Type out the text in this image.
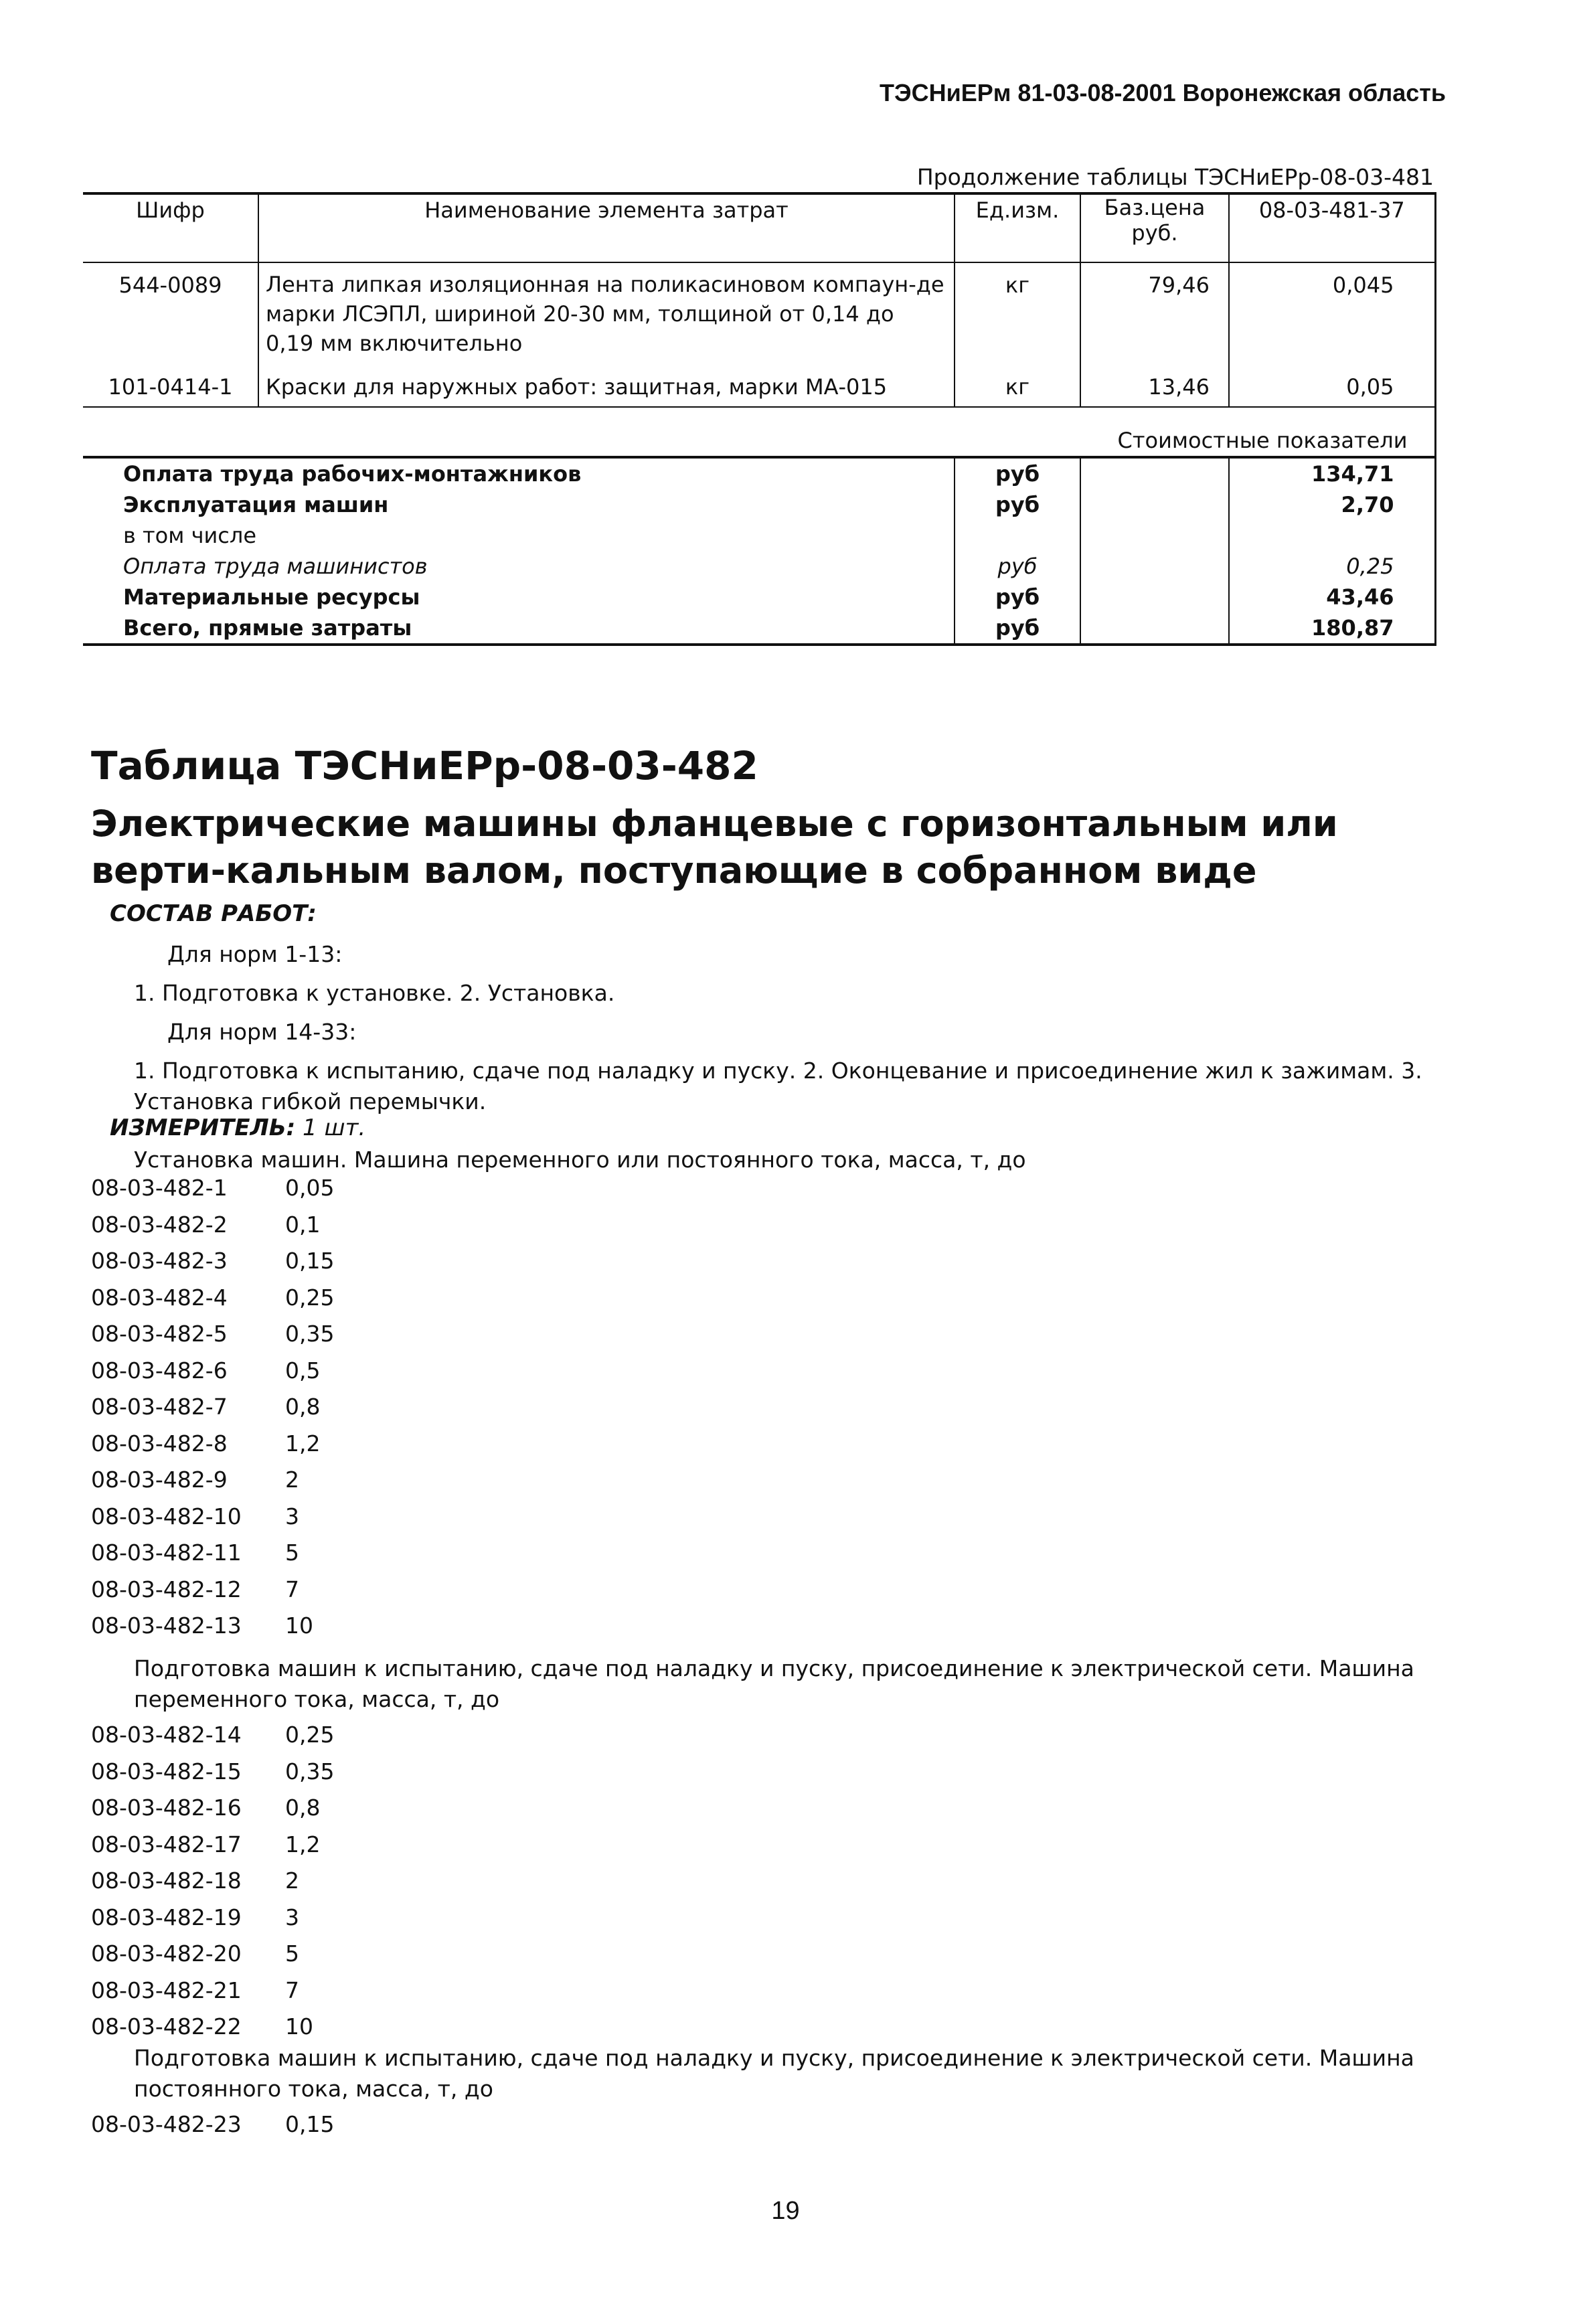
ТЭСНиЕРм 81-03-08-2001 Воронежская область
Продолжение таблицы ТЭСНиЕРр-08-03-481
Шифр	Наименование элемента затрат	Ед.изм.	Баз.цена руб.	08-03-481-37
544-0089	Лента липкая изоляционная на поликасиновом компаун-де марки ЛСЭПЛ, шириной 20-30 мм, толщиной от 0,14 до 0,19 мм включительно	кг	79,46	0,045
101-0414-1	Краски для наружных работ: защитная, марки МА-015	кг	13,46	0,05
Стоимостные показатели				
Оплата труда рабочих-монтажников		руб		134,71
Эксплуатация машин		руб		2,70
в том числе				
Оплата труда машинистов		руб		0,25
Материальные ресурсы		руб		43,46
Всего, прямые затраты		руб		180,87
Таблица ТЭСНиЕРр-08-03-482
Электрические машины фланцевые с горизонтальным или верти-кальным валом, поступающие в собранном виде
СОСТАВ РАБОТ:
Для норм 1-13:
1. Подготовка к установке. 2. Установка.
Для норм 14-33:
1. Подготовка к испытанию, сдаче под наладку и пуску. 2. Оконцевание и присоединение жил к зажимам. 3. Установка гибкой перемычки.
ИЗМЕРИТЕЛЬ: 1 шт.
Установка машин. Машина переменного или постоянного тока, масса, т, до
08-03-482-1	0,05
08-03-482-2	0,1
08-03-482-3	0,15
08-03-482-4	0,25
08-03-482-5	0,35
08-03-482-6	0,5
08-03-482-7	0,8
08-03-482-8	1,2
08-03-482-9	2
08-03-482-10	3
08-03-482-11	5
08-03-482-12	7
08-03-482-13	10
Подготовка машин к испытанию, сдаче под наладку и пуску, присоединение к электрической сети. Машина переменного тока, масса, т, до
08-03-482-14	0,25
08-03-482-15	0,35
08-03-482-16	0,8
08-03-482-17	1,2
08-03-482-18	2
08-03-482-19	3
08-03-482-20	5
08-03-482-21	7
08-03-482-22	10
Подготовка машин к испытанию, сдаче под наладку и пуску, присоединение к электрической сети. Машина постоянного тока, масса, т, до
08-03-482-23	0,15
19
